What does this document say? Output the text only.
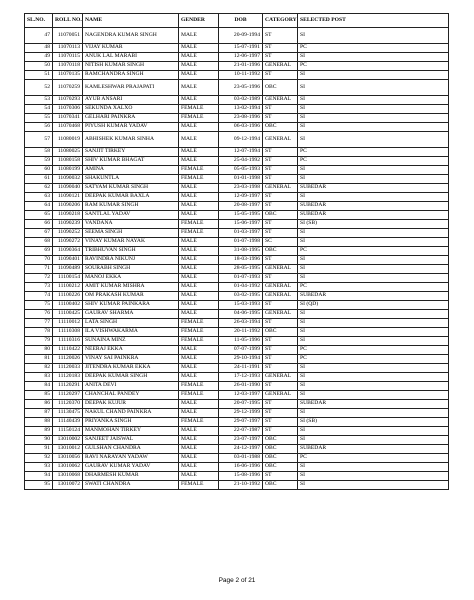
SL.NO.	ROLL NO.	NAME	GENDER	DOB	CATEGORY	SELECTED POST
47	11070051	NAGENDRA KUMAR SINGH	MALE	20-09-1994	ST	SI
48	11070113	VIJAY KUMAR	MALE	15-07-1991	ST	PC
49	11070115	ANUK LAL MARABI	MALE	12-06-1997	ST	SI
50	11070118	NITISH KUMAR SINGH	MALE	21-01-1996	GENERAL	PC
51	11070135	RAMCHANDRA SINGH	MALE	10-11-1992	ST	SI
52	11070259	KAMLESHWAR PRAJAPATI	MALE	23-05-1996	OBC	SI
53	11070293	AYUB ANSARI	MALE	03-02-1989	GENERAL	SI
54	11070306	SEKUNDA XALXO	FEMALE	13-02-1994	ST	SI
55	11070341	GELHARI PAINKRA	FEMALE	23-08-1996	ST	SI
56	11070468	PIYUSH KUMAR YADAV	MALE	06-03-1996	OBC	SI
57	11080019	ABHISHEK KUMAR SINHA	MALE	09-12-1994	GENERAL	SI
58	11080025	SANJIT TIRKEY	MALE	12-07-1994	ST	PC
59	11080158	SHIV KUMAR BHAGAT	MALE	25-04-1992	ST	PC
60	11080199	AMINA	FEMALE	05-05-1993	ST	SI
61	11090032	SHAKUNTLA	FEMALE	01-01-1998	ST	SI
62	11090040	SATYAM KUMAR SINGH	MALE	23-03-1998	GENERAL	SUBEDAR
63	11090121	DEEPAK KUMAR BAXLA	MALE	12-09-1997	ST	SI
64	11090206	RAM KUMAR SINGH	MALE	20-08-1997	ST	SUBEDAR
65	11090218	SANTLAL YADAV	MALE	15-05-1995	OBC	SUBEDAR
66	11090239	VANDANA	FEMALE	15-06-1997	ST	SI (SB)
67	11090252	SEEMA SINGH	FEMALE	01-03-1997	ST	SI
68	11090272	VINAY KUMAR NAYAK	MALE	01-07-1998	SC	SI
69	11090364	TRIBHUVAN SINGH	MALE	31-08-1995	OBC	PC
70	11090401	RAVINDRA NIKUNJ	MALE	18-03-1996	ST	SI
71	11090489	SOURABH SINGH	MALE	28-05-1995	GENERAL	SI
72	11100154	MANOJ EKKA	MALE	01-07-1993	ST	SI
73	11100212	AMIT KUMAR MISHRA	MALE	01-04-1992	GENERAL	PC
74	11100226	OM PRAKASH KUMAR	MALE	03-02-1995	GENERAL	SUBEDAR
75	11100402	SHIV KUMAR PAINKARA	MALE	15-03-1993	ST	SI (QD)
76	11100425	GAURAV SHARMA	MALE	04-06-1995	GENERAL	SI
77	11110012	LATA SINGH	FEMALE	26-03-1994	ST	SI
78	11110308	ILA VISHWAKARMA	FEMALE	20-11-1992	OBC	SI
79	11110316	SUNAINA MINZ	FEMALE	11-05-1996	ST	SI
80	11110422	NEERAJ EKKA	MALE	07-07-1999	ST	PC
81	11120026	VINAY SAI PAINKRA	MALE	29-10-1994	ST	PC
82	11120033	JITENDRA KUMAR EKKA	MALE	24-11-1991	ST	SI
83	11120183	DEEPAK KUMAR SINGH	MALE	17-12-1993	GENERAL	SI
84	11120291	ANITA DEVI	FEMALE	26-01-1990	ST	SI
85	11120297	CHANCHAL PANDEY	FEMALE	12-03-1997	GENERAL	SI
86	11120370	DEEPAK KUJUR	MALE	20-07-1995	ST	SUBEDAR
87	11130475	NAKUL CHAND PAINKRA	MALE	29-12-1999	ST	SI
88	11140439	PRIYANKA SINGH	FEMALE	29-07-1997	ST	SI (SB)
89	11150124	MANMOHAN TIRKEY	MALE	22-07-1987	ST	SI
90	13010002	SANJEET JAISWAL	MALE	23-07-1997	OBC	SI
91	13010012	GULSHAN CHANDRA	MALE	24-12-1997	OBC	SUBEDAR
92	13010056	RAVI NARAYAN YADAW	MALE	03-01-1988	OBC	PC
93	13010062	GAURAV KUMAR YADAV	MALE	16-06-1996	OBC	SI
94	13010068	DHARMESH KUMAR	MALE	15-08-1996	ST	SI
95	13010072	SWATI CHANDRA	FEMALE	21-10-1992	OBC	SI
Page 2 of 21
